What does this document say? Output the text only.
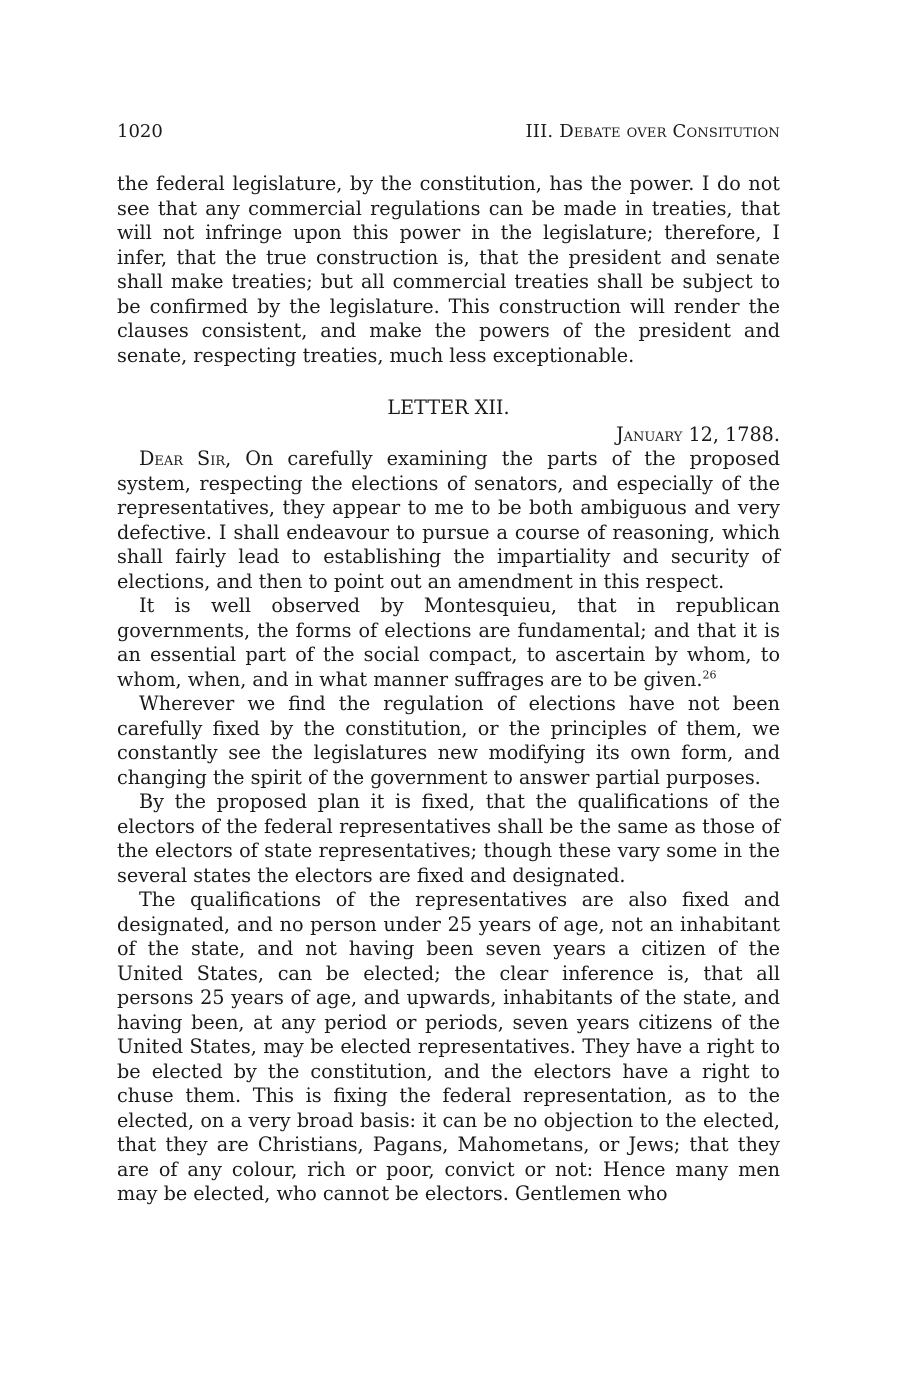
1020	III. Debate over Consitution

the federal legislature, by the constitution, has the power. I do not see that any commercial regulations can be made in treaties, that will not infringe upon this power in the legislature; therefore, I infer, that the true construction is, that the president and senate shall make treaties; but all commercial treaties shall be subject to be confirmed by the legislature. This construction will render the clauses consistent, and make the powers of the president and senate, respecting treaties, much less exceptionable.

LETTER XII.

January 12, 1788.

Dear Sir, On carefully examining the parts of the proposed system, respecting the elections of senators, and especially of the representatives, they appear to me to be both ambiguous and very defective. I shall endeavour to pursue a course of reasoning, which shall fairly lead to establishing the impartiality and security of elections, and then to point out an amendment in this respect.

It is well observed by Montesquieu, that in republican governments, the forms of elections are fundamental; and that it is an essential part of the social compact, to ascertain by whom, to whom, when, and in what manner suffrages are to be given.$^{26}$

Wherever we find the regulation of elections have not been carefully fixed by the constitution, or the principles of them, we constantly see the legislatures new modifying its own form, and changing the spirit of the government to answer partial purposes.

By the proposed plan it is fixed, that the qualifications of the electors of the federal representatives shall be the same as those of the electors of state representatives; though these vary some in the several states the electors are fixed and designated.

The qualifications of the representatives are also fixed and designated, and no person under 25 years of age, not an inhabitant of the state, and not having been seven years a citizen of the United States, can be elected; the clear inference is, that all persons 25 years of age, and upwards, inhabitants of the state, and having been, at any period or periods, seven years citizens of the United States, may be elected representatives. They have a right to be elected by the constitution, and the electors have a right to chuse them. This is fixing the federal representation, as to the elected, on a very broad basis: it can be no objection to the elected, that they are Christians, Pagans, Mahometans, or Jews; that they are of any colour, rich or poor, convict or not: Hence many men may be elected, who cannot be electors. Gentlemen who
